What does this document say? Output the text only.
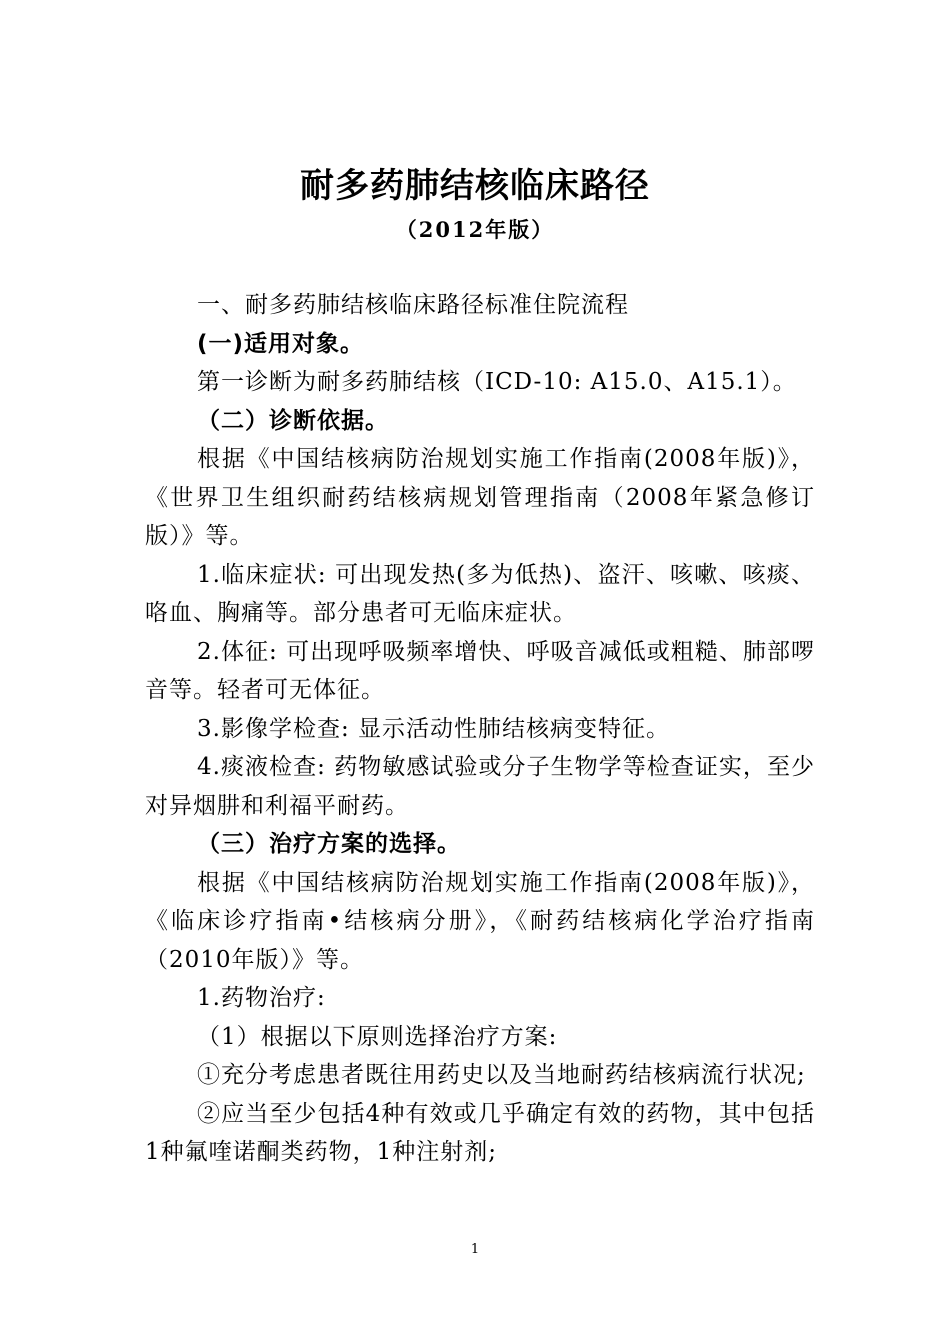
耐多药肺结核临床路径
（2012年版）

一、耐多药肺结核临床路径标准住院流程

(一)适用对象。

第一诊断为耐多药肺结核（ICD-10: A15.0、A15.1）。

（二）诊断依据。

根据《中国结核病防治规划实施工作指南(2008年版)》，《世界卫生组织耐药结核病规划管理指南（2008年紧急修订版）》等。

1.临床症状: 可出现发热(多为低热)、盗汗、咳嗽、咳痰、咯血、胸痛等。部分患者可无临床症状。

2.体征: 可出现呼吸频率增快、呼吸音减低或粗糙、肺部啰音等。轻者可无体征。

3.影像学检查: 显示活动性肺结核病变特征。

4.痰液检查: 药物敏感试验或分子生物学等检查证实，至少对异烟肼和利福平耐药。

（三）治疗方案的选择。

根据《中国结核病防治规划实施工作指南(2008年版)》，《临床诊疗指南•结核病分册》，《耐药结核病化学治疗指南（2010年版）》等。

1.药物治疗:

（1）根据以下原则选择治疗方案:

①充分考虑患者既往用药史以及当地耐药结核病流行状况;

②应当至少包括4种有效或几乎确定有效的药物，其中包括1种氟喹诺酮类药物，1种注射剂;

1
